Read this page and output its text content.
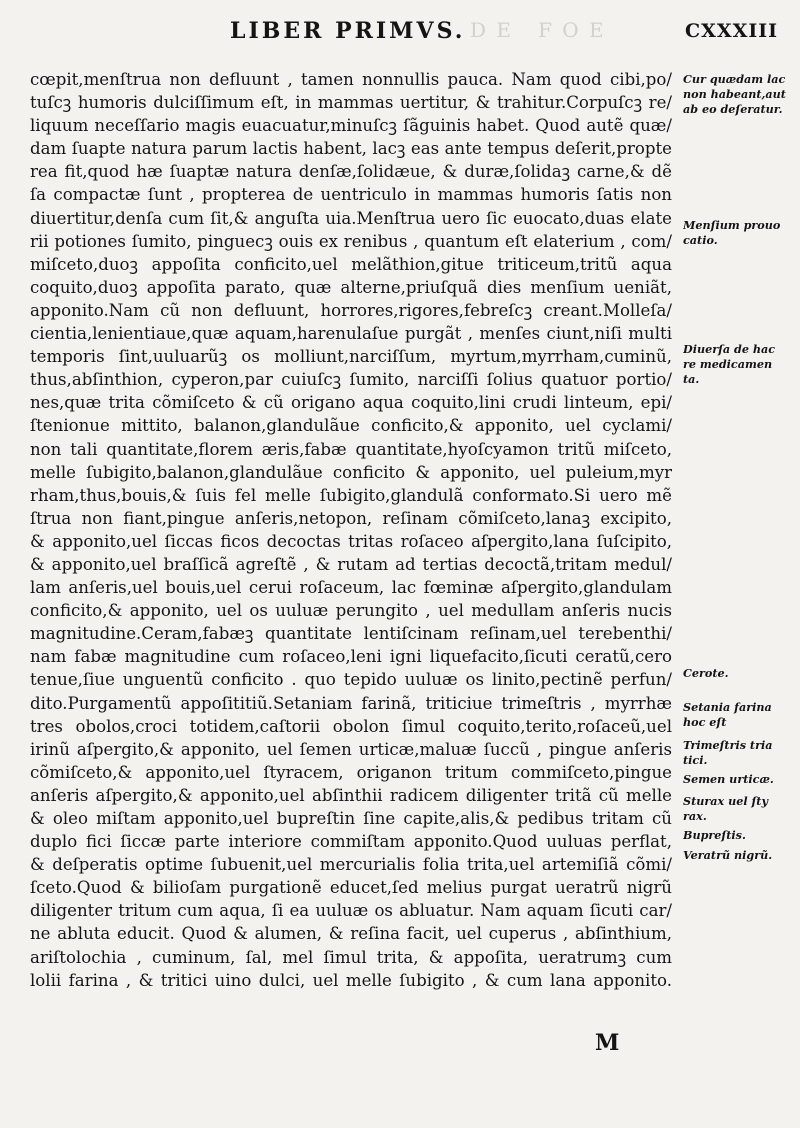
D E   F O E
LIBER PRIMVS.	CXXXIII
cœpit,menſtrua non defluunt , tamen nonnullis pauca. Nam quod cibi,po/
tuſcꝫ humoris dulciſſimum eſt, in mammas uertitur, & trahitur.Corpuſcꝫ re/
liquum neceſſario magis euacuatur,minuſcꝫ ſãguinis habet. Quod autẽ quæ/
dam ſuapte natura parum lactis habent, lacꝫ eas ante tempus deſerit,propte
rea fit,quod hæ ſuaptæ natura denſæ,ſolidæue, & duræ,ſolidaꝫ carne,& dẽ
ſa compactæ ſunt , propterea de uentriculo in mammas humoris ſatis non
diuertitur,denſa cum ſit,& anguſta uia.Menſtrua uero ſic euocato,duas elate
rii potiones ſumito, pinguecꝫ ouis ex renibus , quantum eſt elaterium , com/
miſceto,duoꝫ appoſita conficito,uel melãthion,gitue triticeum,tritũ aqua
coquito,duoꝫ appoſita parato, quæ alterne,priuſquã dies menſium ueniãt,
apponito.Nam cũ non defluunt, horrores,rigores,febreſcꝫ creant.Molleſa/
cientia,lenientiaue,quæ aquam,harenulaſue purgãt , menſes ciunt,niſi multi
temporis ſint,uuluarũꝫ os molliunt,narciſſum, myrtum,myrrham,cuminũ,
thus,abſinthion, cyperon,par cuiuſcꝫ ſumito, narciſſi ſolius quatuor portio/
nes,quæ trita cõmiſceto & cũ origano aqua coquito,lini crudi linteum, epi/
ſtenionue mittito, balanon,glandulãue conficito,& apponito, uel cyclami/
non tali quantitate,florem æris,fabæ quantitate,hyoſcyamon tritũ miſceto,
melle ſubigito,balanon,glandulãue conficito & apponito, uel puleium,myr
rham,thus,bouis,& ſuis fel melle ſubigito,glandulã conformato.Si uero mẽ
ſtrua non fiant,pingue anſeris,netopon, reſinam cõmiſceto,lanaꝫ excipito,
& apponito,uel ſiccas ficos decoctas tritas roſaceo aſpergito,lana ſuſcipito,
& apponito,uel braſſicã agreſtẽ , & rutam ad tertias decoctã,tritam medul/
lam anſeris,uel bouis,uel cerui roſaceum, lac fœminæ aſpergito,glandulam
conficito,& apponito, uel os uuluæ perungito , uel medullam anſeris nucis
magnitudine.Ceram,fabæꝫ quantitate lentiſcinam reſinam,uel terebenthi/
nam fabæ magnitudine cum roſaceo,leni igni liquefacito,ſicuti ceratũ,cero
tenue,ſiue unguentũ conficito . quo tepido uuluæ os linito,pectinẽ perfun/
dito.Purgamentũ appoſititiũ.Setaniam farinã, triticiue trimeſtris , myrrhæ
tres obolos,croci totidem,caſtorii obolon ſimul coquito,terito,roſaceũ,uel
irinũ aſpergito,& apponito, uel ſemen urticæ,maluæ ſuccũ , pingue anſeris
cõmiſceto,& apponito,uel ſtyracem, origanon tritum commiſceto,pingue
anſeris aſpergito,& apponito,uel abſinthii radicem diligenter tritã cũ melle
& oleo miſtam apponito,uel bupreſtin ſine capite,alis,& pedibus tritam cũ
duplo fici ſiccæ parte interiore commiſtam apponito.Quod uuluas perflat,
& deſperatis optime ſubuenit,uel mercurialis folia trita,uel artemiſiã cõmi/
ſceto.Quod & bilioſam purgationẽ educet,ſed melius purgat ueratrũ nigrũ
diligenter tritum cum aqua, ſi ea uuluæ os abluatur. Nam aquam ſicuti car/
ne abluta educit. Quod & alumen, & reſina facit, uel cuperus , abſinthium,
ariſtolochia , cuminum, ſal, mel ſimul trita, & appoſita, ueratrumꝫ cum
lolii farina , & tritici uino dulci, uel melle ſubigito , & cum lana apponito.
Cur quædam lac
non habeant,aut
ab eo deſeratur.
Menſium prouo
catio.
Diuerſa de hac
re medicamen
ta.
Cerote.
Setania farina
hoc eſt
Trimeſtris tria
tici.
Semen urticæ.
Sturax uel ſty
rax.
Bupreſtis.
Veratrũ nigrũ.
M
